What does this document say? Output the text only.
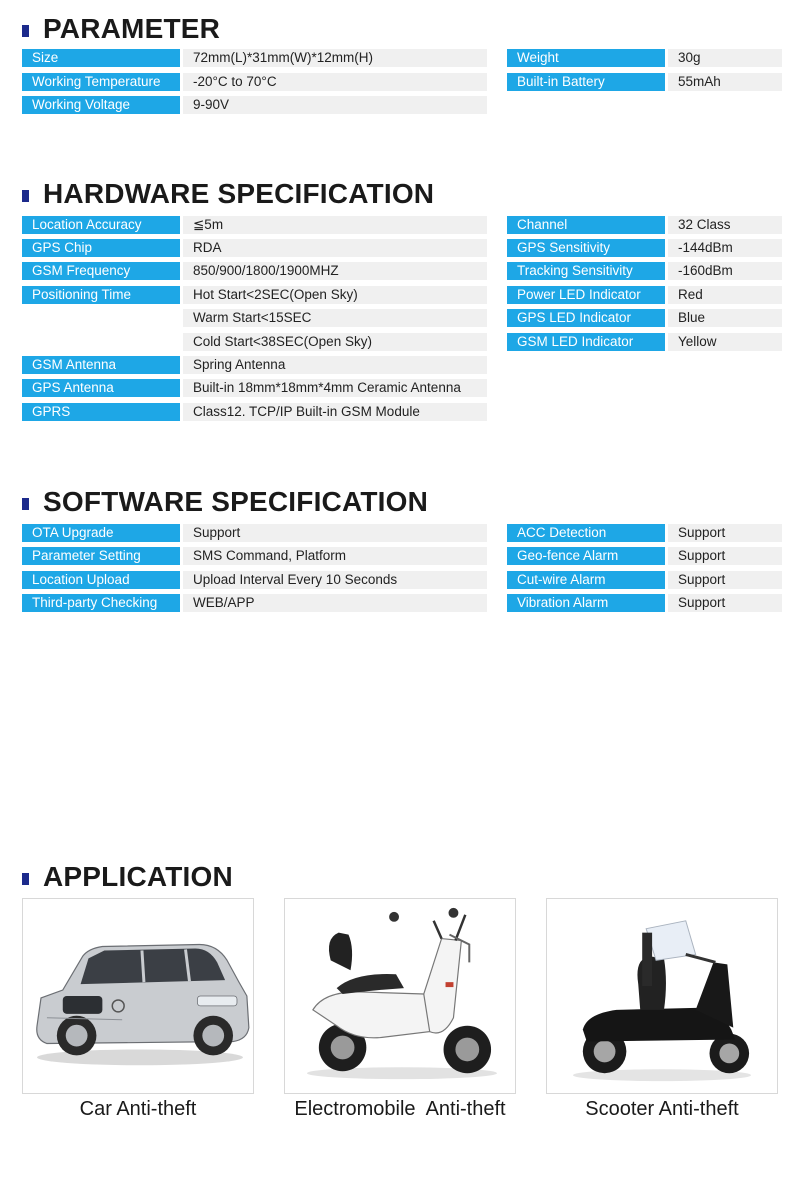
PARAMETER
Size	72mm(L)*31mm(W)*12mm(H)
Working Temperature	-20°C to 70°C
Working Voltage	9-90V
Weight	30g
Built-in Battery	55mAh
HARDWARE SPECIFICATION
Location Accuracy	≦5m
GPS Chip	RDA
GSM Frequency	850/900/1800/1900MHZ
Positioning Time	Hot Start<2SEC(Open Sky)
Warm Start<15SEC
Cold Start<38SEC(Open Sky)
GSM Antenna	Spring Antenna
GPS Antenna	Built-in 18mm*18mm*4mm Ceramic Antenna
GPRS	Class12. TCP/IP Built-in GSM Module
Channel	32 Class
GPS Sensitivity	-144dBm
Tracking Sensitivity	-160dBm
Power LED Indicator	Red
GPS LED Indicator	Blue
GSM LED Indicator	Yellow
SOFTWARE SPECIFICATION
OTA Upgrade	Support
Parameter Setting	SMS Command, Platform
Location Upload	Upload Interval Every 10 Seconds
Third-party Checking	WEB/APP
ACC Detection	Support
Geo-fence Alarm	Support
Cut-wire Alarm	Support
Vibration Alarm	Support
APPLICATION
Car Anti-theft	Electromobile  Anti-theft	Scooter Anti-theft
